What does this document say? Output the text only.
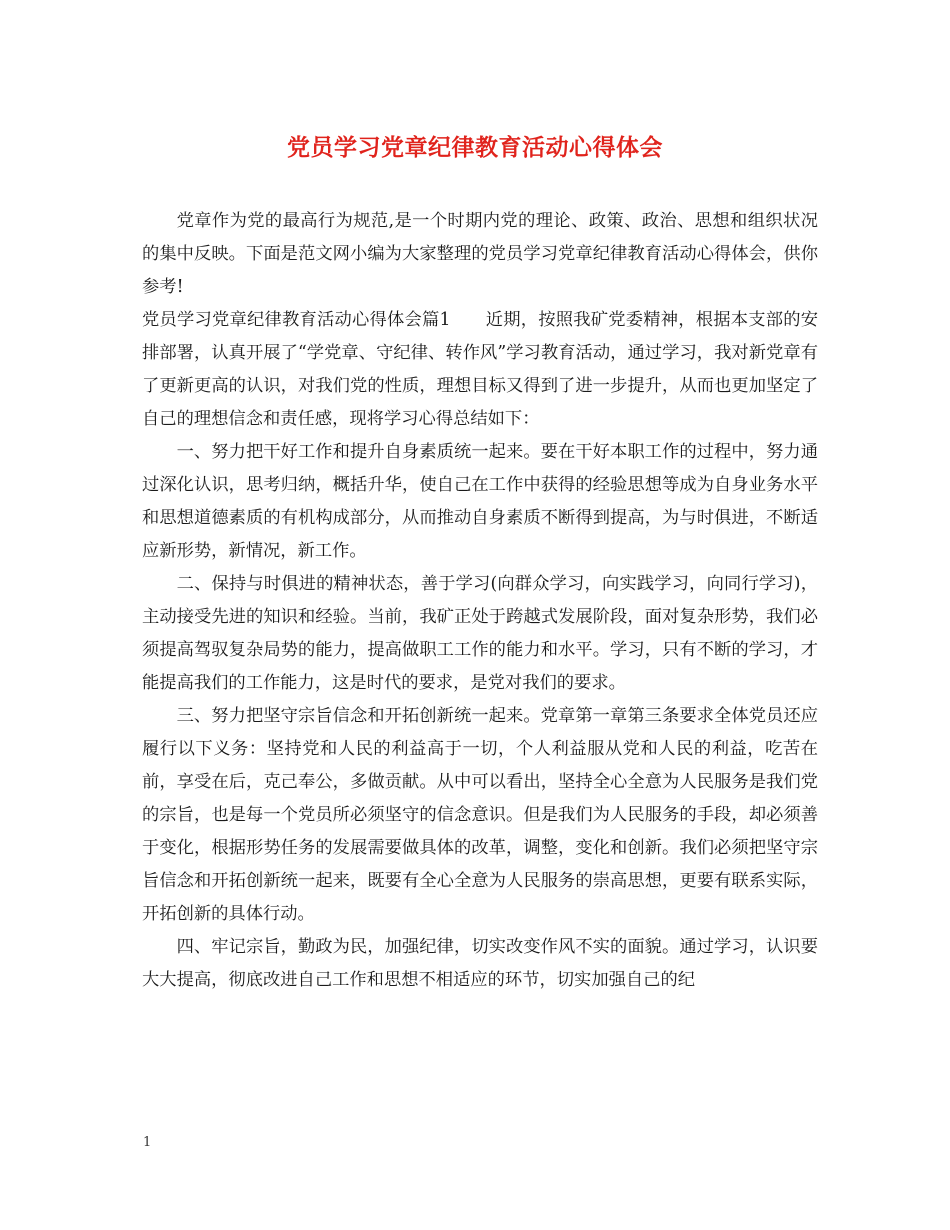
党员学习党章纪律教育活动心得体会

党章作为党的最高行为规范,是一个时期内党的理论、政策、政治、思想和组织状况的集中反映。下面是范文网小编为大家整理的党员学习党章纪律教育活动心得体会，供你参考!

党员学习党章纪律教育活动心得体会篇1　　近期，按照我矿党委精神，根据本支部的安排部署，认真开展了“学党章、守纪律、转作风”学习教育活动，通过学习，我对新党章有了更新更高的认识，对我们党的性质，理想目标又得到了进一步提升，从而也更加坚定了自己的理想信念和责任感，现将学习心得总结如下：

一、努力把干好工作和提升自身素质统一起来。要在干好本职工作的过程中，努力通过深化认识，思考归纳，概括升华，使自己在工作中获得的经验思想等成为自身业务水平和思想道德素质的有机构成部分，从而推动自身素质不断得到提高，为与时俱进，不断适应新形势，新情况，新工作。

二、保持与时俱进的精神状态，善于学习(向群众学习，向实践学习，向同行学习)，主动接受先进的知识和经验。当前，我矿正处于跨越式发展阶段，面对复杂形势，我们必须提高驾驭复杂局势的能力，提高做职工工作的能力和水平。学习，只有不断的学习，才能提高我们的工作能力，这是时代的要求，是党对我们的要求。

三、努力把坚守宗旨信念和开拓创新统一起来。党章第一章第三条要求全体党员还应履行以下义务：坚持党和人民的利益高于一切，个人利益服从党和人民的利益，吃苦在前，享受在后，克己奉公，多做贡献。从中可以看出，坚持全心全意为人民服务是我们党的宗旨，也是每一个党员所必须坚守的信念意识。但是我们为人民服务的手段，却必须善于变化，根据形势任务的发展需要做具体的改革，调整，变化和创新。我们必须把坚守宗旨信念和开拓创新统一起来，既要有全心全意为人民服务的崇高思想，更要有联系实际，开拓创新的具体行动。

四、牢记宗旨，勤政为民，加强纪律，切实改变作风不实的面貌。通过学习，认识要大大提高，彻底改进自己工作和思想不相适应的环节，切实加强自己的纪

1
